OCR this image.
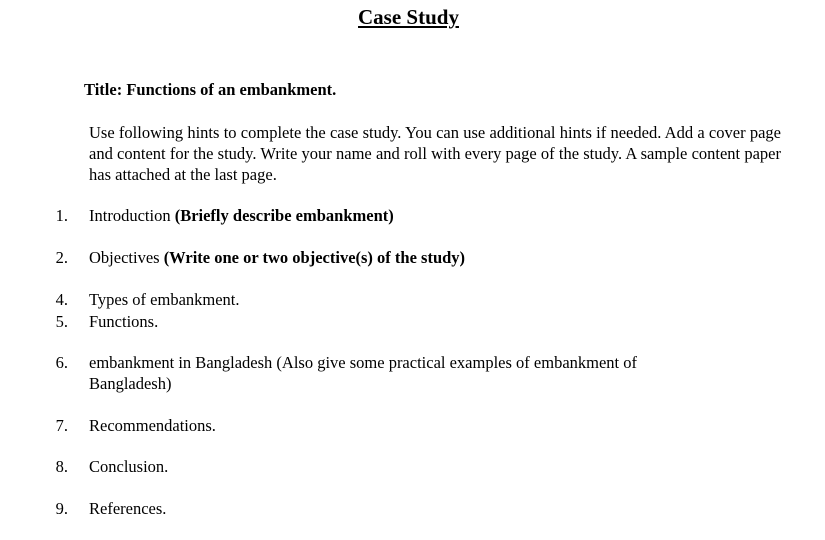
Case Study
Title: Functions of an embankment.
Use following hints to complete the case study. You can use additional hints if needed. Add a cover page and content for the study. Write your name and roll with every page of the study. A sample content paper has attached at the last page.
1. Introduction (Briefly describe embankment)
2. Objectives (Write one or two objective(s) of the study)
4. Types of embankment.
5. Functions.
6. embankment in Bangladesh (Also give some practical examples of embankment of Bangladesh)
7. Recommendations.
8. Conclusion.
9. References.
